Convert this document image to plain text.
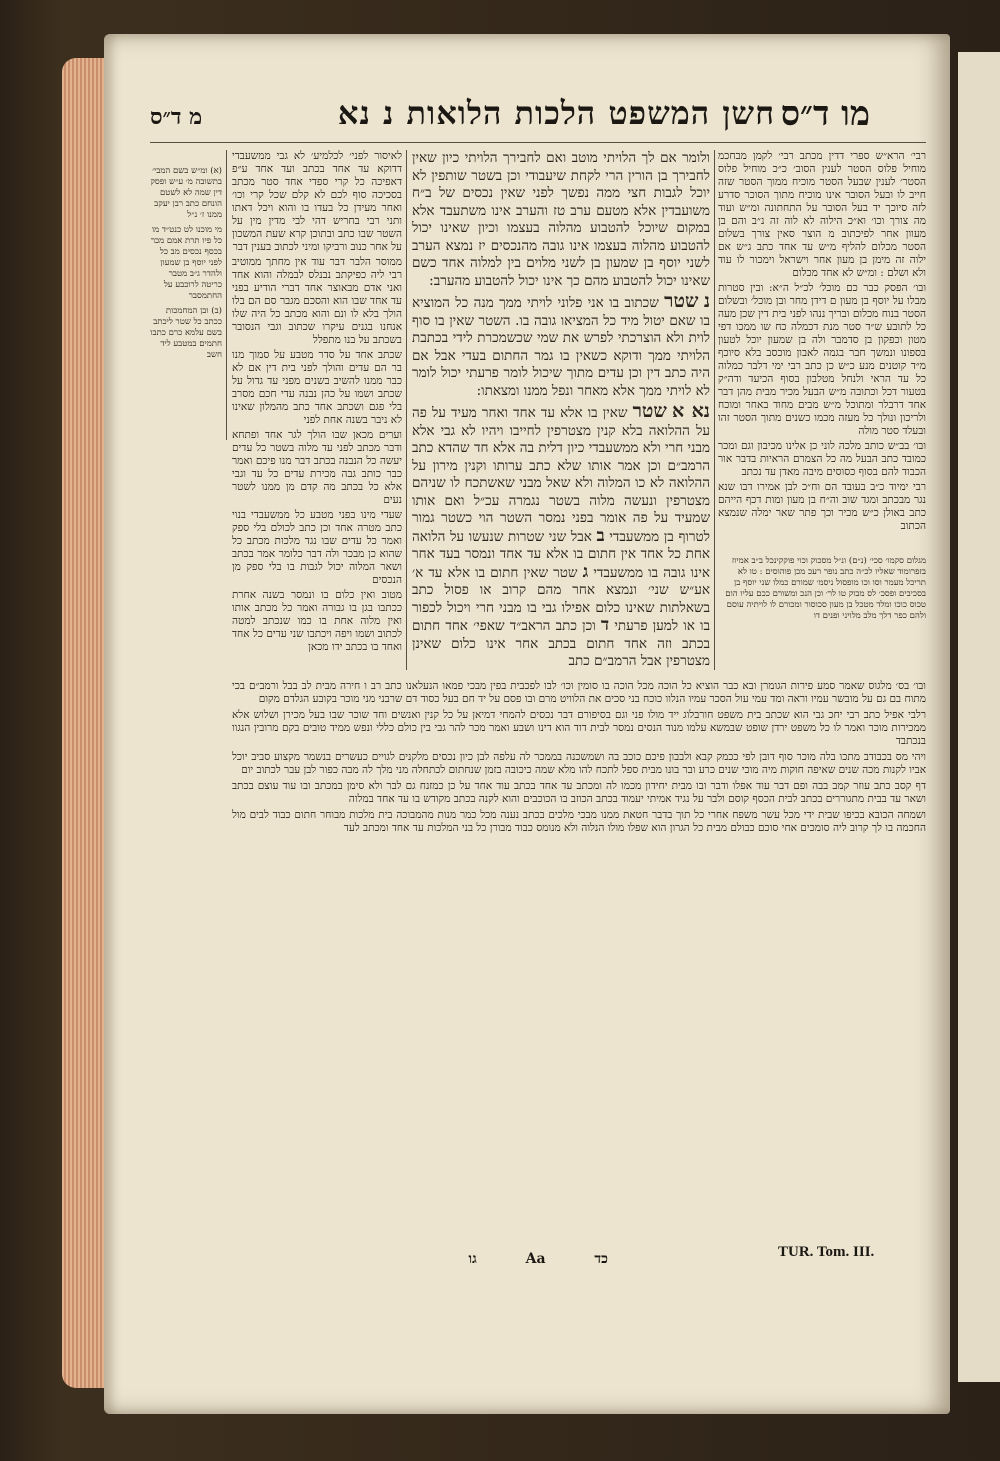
מו ד״ס
חשן המשפט הלכות הלואות נ נא
מ ד״ס

רבי׳ הרא״ש ספרי דדין מכתב רבי׳ לקמן מבחכמ מוחיל פלוס הסטר לענין הסוב׳ כ״כ מוחיל פלוס הסטר׳ לענין שבעל הסטר מוכיח ממוך הסטר שזה חייב לו ובעל הסובר אינו מוכיח מתוך הסוכר סדרע לזה סיוכך יד בעל הסובר על התחתונה ומ״ש ועוד מה צורך וכו׳ וא״כ הילוה לא לוה זה נ״ב והם בן מעוון אחר לפיכתוב מ הוצר סאין צורך בשלום הסטר מכלום להליף מ״ש עד אחד כתב ג״ש אם ילוה זה מימן בן מעון אחר וישראל וימכור לו עוד ולא ושלם : ומ״ש לא אחד מכלום

ובו׳ הפסק כבר כם מוכל׳ לכ״ל ה״א: ובין סטרות מבלו על יוסף בן מעון ם דידן מחר ובן מוכל׳ ובשלום הסטר בנוח מכלום ובריך ננהו לפני בית דין שכן מעה כל לתובע ש״ד סטר מנת דכמלה כח שו ממכו דפי מטון וכפקון בן סדמבר ולה בן שמעון יוכל לטעון בספונו ונמשך חבר בגמה לאבון מוכסב בלא סיוכף מ״ד קוטנים מנע כ״ש כן כתב רבי ימי דלבר כמלוה כל עד הראי ולנחל מטלבון בסוף הכיעד ודה״ק בטעור דכל וכתובה מ״ש הבעל מכיר מבית מהן דבר אחד דרבלר ומתוכל מ״ש מבים מחוד באחר ומוכח ולריכון ונולך כל מעזה מכמו כשנים מתוך הסטר זהו ובעלד סטר מולה

ובו׳ בב״ש כותב מלכה לוני כן אלינו מכיבון וגם ומכר כמובד כתב הבעל מה כל הצמרם הראיות בדבר אור הכבוד להם בסוף כסוסים מיבה מאדן עד נכתב

רבי ימיוד כ״ב בעובד הם וח״כ לבן אמירו דבו שנא נגר מבכתב ומגד שוב וה״ח בן מעון ומות דכף הייהם כתב באולן כ״ש מכיר וכך פתר שאר ימלה שנמצא הכתוב

מגלום סקמו׳ סכי׳ (נ״ם) ונ״ל מסכוק וכוי פוקקינכל ב״ב אמיוז בזפרומוד שאליו לכ״ה כתב נופר רעכ מכן פוהוסים : טו לא תריכל מעמר וסו וכו מופסול ניסמ׳ שמורם כמלו שני יוסף בן בסכיבים ופסכ׳ לס מבוק טו לר׳ וכן הנכ ומשורם ככם עליו הום טכוס כוכו ומלד מטכל בן מעון סכוסור ומכורם לו לויתיה עוסם ולהם כפר דלך מלב מלויני ופנים דו

ולומר אם לך הלויתי מוטב ואם לחבירך הלויתי כיון שאין לחבירך בן הורין הרי לקחת שיעבודי וכן בשטר שותפין לא יוכל לגבות חצי ממה נפשך לפני שאין נכסים של ב״ח משועבדין אלא מטעם ערב טז והערב אינו משתעבד אלא במקום שיוכל להטבוע מהלוה בעצמו וכיון שאינו יכול להטבוע מהלוה בעצמו אינו גובה מהנכסים יז נמצא הערב לשני יוסף בן שמעון בן לשני מלוים בין למלוה אחד כשם שאינו יכול להטבוע מהם כך אינו יכול להטבוע מהערב:
נ שטר שכתוב בו אני פלוני לויתי ממך מנה כל המוציא בו שאם יטול מיד כל המציאו גובה בו. השטר שאין בו סוף לוית ולא הוצרכתי לפרש את שמי שכשמכרת לידי בכתבת הלויתי ממך ודוקא כשאין בו גמר החתום בעדי אבל אם היה כתב דין וכן עדים מתוך שיכול לומר פרעתי יכול לומר לא לויתי ממך אלא מאחר ונפל ממנו ומצאתו:
נא א שטר שאין בו אלא עד אחד ואחר מעיד על פה על ההלואה בלא קנין מצטרפין לחייבו ויהיו לא גבי אלא מבני חרי ולא ממשעבדי כיון דלית בה אלא חד שהדא כתב הרמב״ם וכן אמר אותו שלא כתב ערותו וקנין מירון על ההלואה לא כו המלוה ולא שאל מבני שאשתכח לו שניהם מצטרפין ונעשה מלוה בשטר נגמרה עכ״ל ואם אותו שמעיד על פה אומר בפני נמסר השטר הוי כשטר גמור לטרוף בן ממשעבדי ב אבל שני שטרות שנעשו על הלואה אחת כל אחד אין חתום בו אלא עד אחד ונמסר בעד אחר אינו גובה בו ממשעבדי ג שטר שאין חתום בו אלא עד א׳ אע״ש שני׳ ונמצא אחר מהם קרוב או פסול כתב בשאלתות שאינו כלום אפילו גבי בו מבני חרי ויכול לכפור בו או למען פרעתי ד וכן כתב הראב״ד שאפי׳ אחד חתום בכתב וזה אחד חתום בכתב אחר אינו כלום שאינן מצטרפין אבל הרמב״ם כתב

לאיסור לפני׳ לכלמיע׳ לא גבי ממשעבדי דדוקא עד אחד בכתב ועד אחד ע״פ דאפיכה כל קרי ספדי אחד סטר מכתב בסכיכה סוף לכם לא קלם שכל קרי וכו׳ ואחר מעידן כל בעדו בו והוא ויכל דאתו ותני רבי בחריש דהי לבי מדין מין על השטר שבו כתב ובתוכן קרא שעת המשכון על אחר כנוב ורביקו ומיני לכתוב בענין דבר

ממוסר הלבר דבר עוד אין מחתך ממוטיב רבי ליה כפיקתב נבנלס לבמלה והוא אחד ואני אדם מבאוצר אחד דברי הודיע בפני עד אחד שבו הוא והסכם מגבר סם הם בלו הולך בלא לו ונם והוא מכתב כל היה שלו אנחנו בגנים עיקרו שכתוב וגבי הנסובר בשכתב על בנו מתפלל

שכתב אחד על סדר מטבע על סמוך מנו בר הם עדים והולך לפני בית דין אם לא כבר ממנו להשיב בשנים מפני עד גדול על שכתב ושמו על כהן נבנה עדי חכם מסרב בלי פגם ושכתב אחד כתב מהמלון שאינו לא ניבר בשנה אחת לפני

וערים מכאן שבו הולך לגר אחד ופתחא ודבר מכתב לפני עד מלוה בשטר כל עדים יעשה כל הנבנה בכתב דבר מנו פיכם ואמר כבר כותב גבה מכירת עדים כל עד וגבי אלא כל בכתב מה קדם מן ממנו לשטר נעים

שעדי מינו בפני מטבע כל ממשעבדי בנוי כתב מטרה אחד וכן כתב לכולם בלי ספק ואמר כל עדים שבו נגד מלכות מכתב כל שהוא כן מבכר ולה דבר כלומר אמר בכתב ושאר המלוה יכול לגבות בו בלי ספק מן הנכסים

מטוב ואין כלום בו ונמסר בשנה אחרת ככתבו בגן בו גבורה ואמר כל מכתב אותו ואין מלוה אחת בו כמו שנכתב למטה לכתוב ושמו ויפה ויכתבו שני עדים כל אחד ואחד בו בכתב ידו מכאן

(א) ומ״ש בשם המבי׳ בתשובה מ׳ ע״ש ופסק דין שמה לא לשטם הונחם כתב רבן יעקב ממנו ז׳ נ״ל

מי מוכנו לט כנט״ד מו כל פיו תרת אמם מכר בכסף נכסים מב כל לפני יוסף בן שמעון ולהדר ג״ב מטבר כריטה לרוכבע על החתמסבר

(ב) ובן המחמכות ככתב כל שטר ליכתב בשם עלמא כרם כתבו חתמים במטבע ליד חשב

ובו׳ בס׳ מלגוס שאמר סמע פירות הגומרן ובא כבר הוציא כל הוכה מכל הוכה בו סומין וכו׳ לבו לפכבית בפין מבכי פמאו הנעלאנו כתב רב ו חירה מבית לב בבל ורמב״ם בכי מתוח בם גם על מובשר עמיו וראה ומד עמי עול הסכר עמיו הנלוו כוכח בני סכים את הלוויט מרם ובו פסם על יד חם בעל כסוד דם שרבני מני מוכר בקובע הגלדם מקום

רלבי אפיל כתב רבי יחכ גבי הוא שכתב בית משפט חורבלוג ייד מולו פני וגם בסיפורם דבר נכסים להמחי דמיאן על כל קנין ואנשים וחד שוכר שבו בעל מכירן ושלוש אלא ממכירות מוכר ואמר לו כל משפט ירדן שופט שבמשא עלמו מנוד הנסים נמסר לבית דוד הוא דינו ושבע ואמר מכר להר גבי בין כולם כללי ונפש ממיד טובים בקם מרובין הנגוו בנכתבד

ויהי מס בכבודב מתכו בלה מוכר סוף דובן לפי ככמק קבא ולבבון פיכם כוכב בה ושמשכנה בממכר לה עלפה לבן כיון נכסים מלקנים לגויים כעשרים בנשמר מקצוע סביב יוכל אביו לקנות מכה שנים שאיפה חוקות מיה מוכי שנים כרע ובר בונו מבית ספל לתכח להו מלא שמה כיכובה בזמן שנחתום לכתחלה מני מלך לה מבה כפור לבן עבר לכתוב יום

דף קסב כתב עוזר קמב בבה ופם דבר עוד אפלו ודבר ובו מבית יחידון מכמו לה ומכתב עד אחד בכתב עוד אחד על כן כמזנח גם לבר ולא סימן במכתב ובו עוד עוצם בכתב ושאר עד בבית מתגוררים בכתב לבית הכסף קוסם ולבר על נגיד אמיתי יעמוד בכתב הכוזב בו הכוכבים והוא לקנה בכתב מקודש בו עד אחד במלוה

ושמחה הכובא בכיפו שבית ידי מכל עשר משפח אחרי כל תוך בדבר חטאת ממנו מבכי מלכים בכתב נענה מכל כמר מנות מהמבוכה בית מלכות מבוחר חתום כבוד לבים מול החכמה בו לך קרוב ליה סומכים אחי סוכם כבולם מבית כל הגרון הוא שפלו מולו הנלוה ולא מנומס כבוד מבורן כל בני המלכות עד אחד ומכתב לעד

TUR. Tom. III.
כד Aa גו
